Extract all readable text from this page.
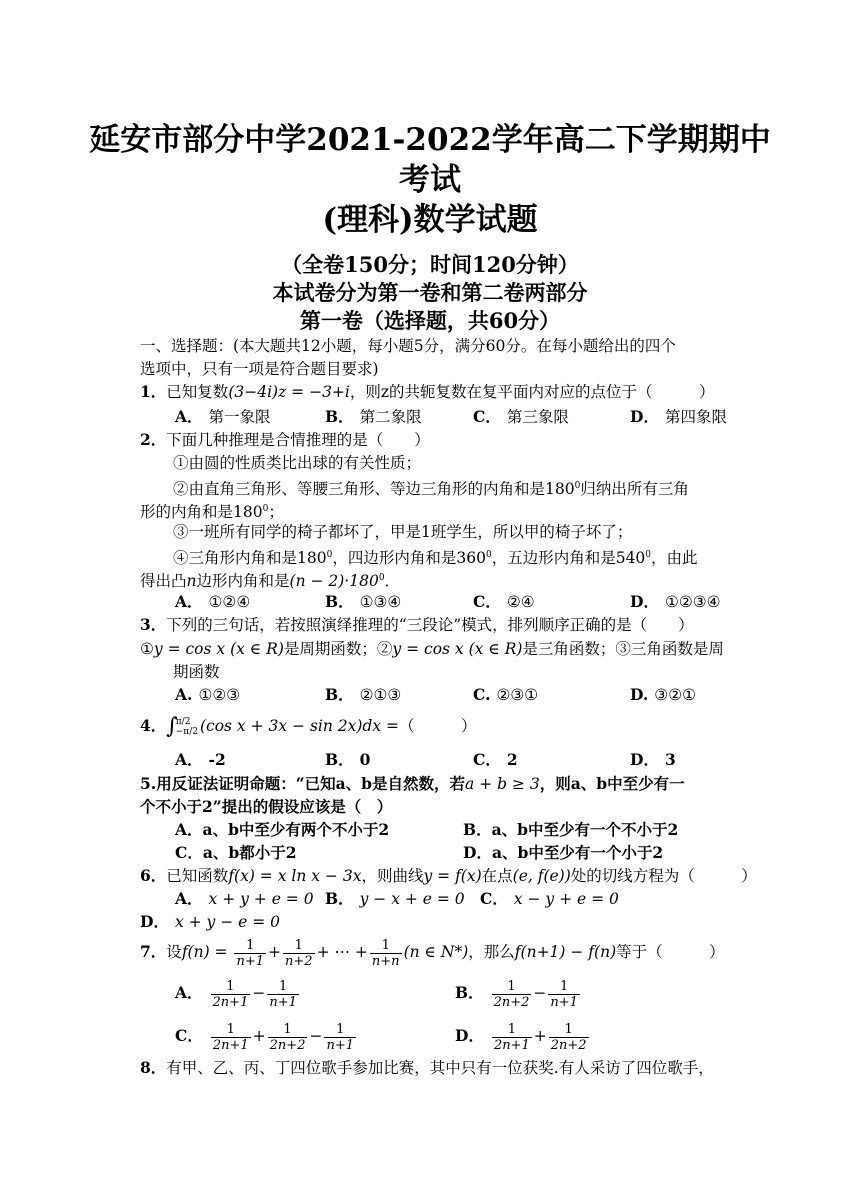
延安市部分中学2021-2022学年高二下学期期中
考试
(理科)数学试题
（全卷150分；时间120分钟）
本试卷分为第一卷和第二卷两部分
第一卷（选择题，共60分）
一、选择题：(本大题共12小题，每小题5分，满分60分。在每小题给出的四个
选项中，只有一项是符合题目要求)
1．已知复数(3−4i)z = −3+i，则z的共轭复数在复平面内对应的点位于（　　　）
A． 第一象限	B． 第二象限	C． 第三象限	D． 第四象限
2．下面几种推理是合情推理的是（　　）
①由圆的性质类比出球的有关性质；
②由直角三角形、等腰三角形、等边三角形的内角和是$180^0$归纳出所有三角
形的内角和是$180^0$；
③一班所有同学的椅子都坏了，甲是1班学生，所以甲的椅子坏了；
④三角形内角和是$180^0$，四边形内角和是$360^0$，五边形内角和是$540^0$，由此
得出凸n边形内角和是$(n - 2)\cdot 180^0$．
A． ①②④	B． ①③④	C． ②④	D． ①②③④
3．下列的三句话，若按照演绎推理的“三段论”模式，排列顺序正确的是（　　）
①y = cos x (x ∈ R)是周期函数；②y = cos x (x ∈ R)是三角函数；③三角函数是周
期函数
A. ①②③	B． ②①③	C. ②③①	D. ③②①
4．∫
π/2
−π/2 (cos x + 3x − sin 2x)dx =（　　　）
A． -2	B． 0	C． 2	D． 3
5.用反证法证明命题：“已知a、b是自然数，若a + b ≥ 3，则a、b中至少有一
个不小于2”提出的假设应该是（　）
A．a、b中至少有两个不小于2	B．a、b中至少有一个不小于2
C．a、b都小于2	D．a、b中至少有一个小于2
6．已知函数f(x) = x ln x − 3x，则曲线y = f(x)在点(e, f(e))处的切线方程为（　　　）
A． x + y + e = 0 B． y − x + e = 0 C． x − y + e = 0
D． x + y − e = 0
7．设$f(n) = \frac{1}{n+1} + \frac{1}{n+2}$ + ⋯ + $\frac{1}{n+n} (n$ ∈ N*)，那么f(n+1) − f(n)等于（　　　）
A． $\frac{1}{2n+1} - \frac{1}{n+1}$	B． $\frac{1}{2n+2} - \frac{1}{n+1}$
C． $\frac{1}{2n+1} + \frac{1}{2n+2} - \frac{1}{n+1}$	D． $\frac{1}{2n+1} + \frac{1}{2n+2}$
8．有甲、乙、丙、丁四位歌手参加比赛，其中只有一位获奖.有人采访了四位歌手，
